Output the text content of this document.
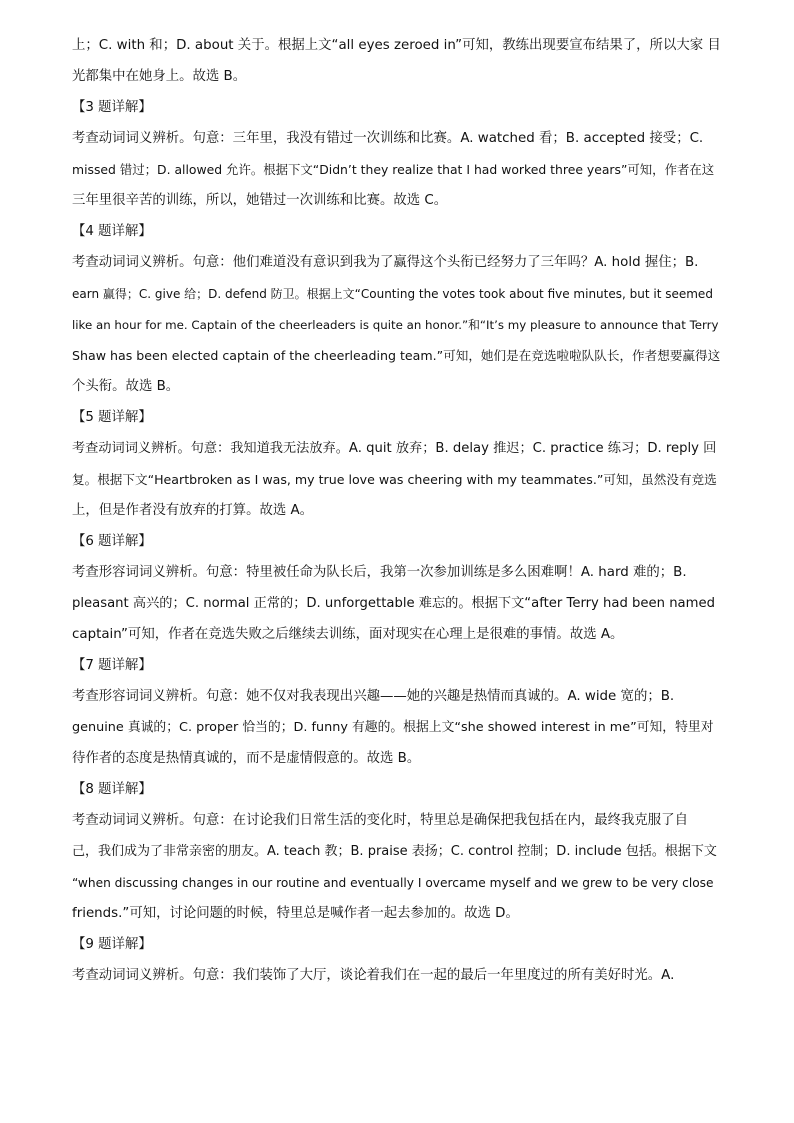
上；C. with 和；D. about 关于。根据上文“all eyes zeroed in”可知，教练出现要宣布结果了，所以大家 目
光都集中在她身上。故选 B。
【3 题详解】
考查动词词义辨析。句意：三年里，我没有错过一次训练和比赛。A. watched 看；B. accepted 接受；C.
missed 错过；D. allowed 允许。根据下文“Didn’t they realize that I had worked three years”可知，作者在这
三年里很辛苦的训练，所以，她错过一次训练和比赛。故选 C。
【4 题详解】
考查动词词义辨析。句意：他们难道没有意识到我为了赢得这个头衔已经努力了三年吗？A. hold 握住；B.
earn 赢得；C. give 给；D. defend 防卫。根据上文“Counting the votes took about five minutes, but it seemed
like an hour for me. Captain of the cheerleaders is quite an honor.”和“It’s my pleasure to announce that Terry
Shaw has been elected captain of the cheerleading team.”可知，她们是在竞选啦啦队队长，作者想要赢得这
个头衔。故选 B。
【5 题详解】
考查动词词义辨析。句意：我知道我无法放弃。A. quit 放弃；B. delay 推迟；C. practice 练习；D. reply 回
复。根据下文“Heartbroken as I was, my true love was cheering with my teammates.”可知，虽然没有竞选
上，但是作者没有放弃的打算。故选 A。
【6 题详解】
考查形容词词义辨析。句意：特里被任命为队长后，我第一次参加训练是多么困难啊！A. hard 难的；B.
pleasant 高兴的；C. normal 正常的；D. unforgettable 难忘的。根据下文“after Terry had been named
captain”可知，作者在竞选失败之后继续去训练，面对现实在心理上是很难的事情。故选 A。
【7 题详解】
考查形容词词义辨析。句意：她不仅对我表现出兴趣——她的兴趣是热情而真诚的。A. wide 宽的；B.
genuine 真诚的；C. proper 恰当的；D. funny 有趣的。根据上文“she showed interest in me”可知，特里对
待作者的态度是热情真诚的，而不是虚情假意的。故选 B。
【8 题详解】
考查动词词义辨析。句意：在讨论我们日常生活的变化时，特里总是确保把我包括在内，最终我克服了自
己，我们成为了非常亲密的朋友。A. teach 教；B. praise 表扬；C. control 控制；D. include 包括。根据下文
“when discussing changes in our routine and eventually I overcame myself and we grew to be very close
friends.”可知，讨论问题的时候，特里总是喊作者一起去参加的。故选 D。
【9 题详解】
考查动词词义辨析。句意：我们装饰了大厅，谈论着我们在一起的最后一年里度过的所有美好时光。A.
